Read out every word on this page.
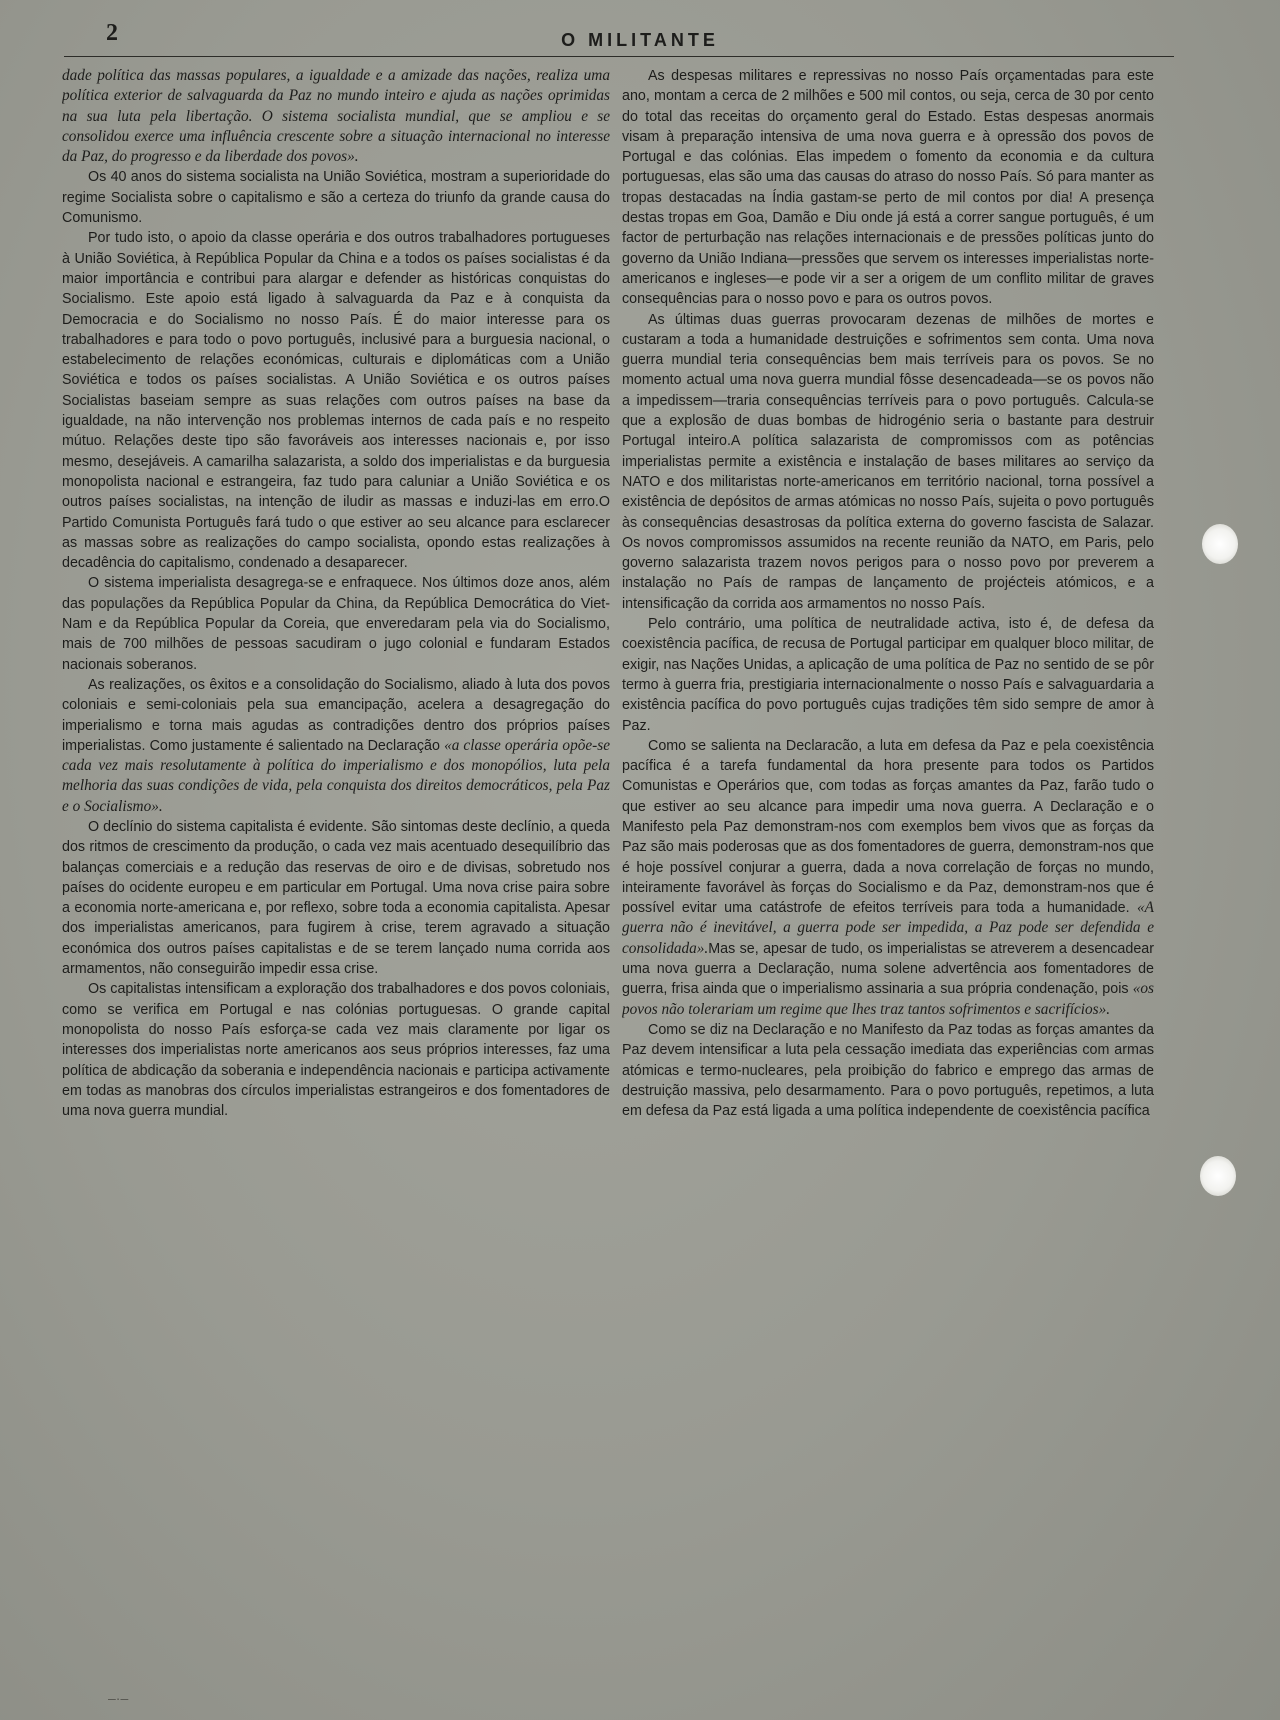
2	O MILITANTE

dade política das massas populares, a igualdade e a amizade das nações, realiza uma política exterior de salvaguarda da Paz no mundo inteiro e ajuda as nações oprimidas na sua luta pela libertação. O sistema socialista mundial, que se ampliou e se consolidou exerce uma influência crescente sobre a situação internacional no interesse da Paz, do progresso e da liberdade dos povos».

Os 40 anos do sistema socialista na União Soviética, mostram a superioridade do regime Socialista sobre o capitalismo e são a certeza do triunfo da grande causa do Comunismo.

Por tudo isto, o apoio da classe operária e dos outros trabalhadores portugueses à União Soviética, à República Popular da China e a todos os países socialistas é da maior importância e contribui para alargar e defender as históricas conquistas do Socialismo. Este apoio está ligado à salvaguarda da Paz e à conquista da Democracia e do Socialismo no nosso País. É do maior interesse para os trabalhadores e para todo o povo português, inclusivé para a burguesia nacional, o estabelecimento de relações económicas, culturais e diplomáticas com a União Soviética e todos os países socialistas. A União Soviética e os outros países Socialistas baseiam sempre as suas relações com outros países na base da igualdade, na não intervenção nos problemas internos de cada país e no respeito mútuo. Relações deste tipo são favoráveis aos interesses nacionais e, por isso mesmo, desejáveis. A camarilha salazarista, a soldo dos imperialistas e da burguesia monopolista nacional e estrangeira, faz tudo para caluniar a União Soviética e os outros países socialistas, na intenção de iludir as massas e induzi-las em erro.O Partido Comunista Português fará tudo o que estiver ao seu alcance para esclarecer as massas sobre as realizações do campo socialista, opondo estas realizações à decadência do capitalismo, condenado a desaparecer.

O sistema imperialista desagrega-se e enfraquece. Nos últimos doze anos, além das populações da República Popular da China, da República Democrática do Viet-Nam e da República Popular da Coreia, que enveredaram pela via do Socialismo, mais de 700 milhões de pessoas sacudiram o jugo colonial e fundaram Estados nacionais soberanos.

As realizações, os êxitos e a consolidação do Socialismo, aliado à luta dos povos coloniais e semi-coloniais pela sua emancipação, acelera a desagregação do imperialismo e torna mais agudas as contradições dentro dos próprios países imperialistas. Como justamente é salientado na Declaração «a classe operária opõe-se cada vez mais resolutamente à política do imperialismo e dos monopólios, luta pela melhoria das suas condições de vida, pela conquista dos direitos democráticos, pela Paz e o Socialismo».

O declínio do sistema capitalista é evidente. São sintomas deste declínio, a queda dos ritmos de crescimento da produção, o cada vez mais acentuado desequilíbrio das balanças comerciais e a redução das reservas de oiro e de divisas, sobretudo nos países do ocidente europeu e em particular em Portugal. Uma nova crise paira sobre a economia norte-americana e, por reflexo, sobre toda a economia capitalista. Apesar dos imperialistas americanos, para fugirem à crise, terem agravado a situação económica dos outros países capitalistas e de se terem lançado numa corrida aos armamentos, não conseguirão impedir essa crise.

Os capitalistas intensificam a exploração dos trabalhadores e dos povos coloniais, como se verifica em Portugal e nas colónias portuguesas. O grande capital monopolista do nosso País esforça-se cada vez mais claramente por ligar os interesses dos imperialistas norte americanos aos seus próprios interesses, faz uma política de abdicação da soberania e independência nacionais e participa activamente em todas as manobras dos círculos imperialistas estrangeiros e dos fomentadores de uma nova guerra mundial.

As despesas militares e repressivas no nosso País orçamentadas para este ano, montam a cerca de 2 milhões e 500 mil contos, ou seja, cerca de 30 por cento do total das receitas do orçamento geral do Estado. Estas despesas anormais visam à preparação intensiva de uma nova guerra e à opressão dos povos de Portugal e das colónias. Elas impedem o fomento da economia e da cultura portuguesas, elas são uma das causas do atraso do nosso País. Só para manter as tropas destacadas na Índia gastam-se perto de mil contos por dia! A presença destas tropas em Goa, Damão e Diu onde já está a correr sangue português, é um factor de perturbação nas relações internacionais e de pressões políticas junto do governo da União Indiana—pressões que servem os interesses imperialistas norte-americanos e ingleses—e pode vir a ser a origem de um conflito militar de graves consequências para o nosso povo e para os outros povos.

As últimas duas guerras provocaram dezenas de milhões de mortes e custaram a toda a humanidade destruições e sofrimentos sem conta. Uma nova guerra mundial teria consequências bem mais terríveis para os povos. Se no momento actual uma nova guerra mundial fôsse desencadeada—se os povos não a impedissem—traria consequências terríveis para o povo português. Calcula-se que a explosão de duas bombas de hidrogénio seria o bastante para destruir Portugal inteiro.A política salazarista de compromissos com as potências imperialistas permite a existência e instalação de bases militares ao serviço da NATO e dos militaristas norte-americanos em território nacional, torna possível a existência de depósitos de armas atómicas no nosso País, sujeita o povo português às consequências desastrosas da política externa do governo fascista de Salazar. Os novos compromissos assumidos na recente reunião da NATO, em Paris, pelo governo salazarista trazem novos perigos para o nosso povo por preverem a instalação no País de rampas de lançamento de projécteis atómicos, e a intensificação da corrida aos armamentos no nosso País.

Pelo contrário, uma política de neutralidade activa, isto é, de defesa da coexistência pacífica, de recusa de Portugal participar em qualquer bloco militar, de exigir, nas Nações Unidas, a aplicação de uma política de Paz no sentido de se pôr termo à guerra fria, prestigiaria internacionalmente o nosso País e salvaguardaria a existência pacífica do povo português cujas tradições têm sido sempre de amor à Paz.

Como se salienta na Declaracão, a luta em defesa da Paz e pela coexistência pacífica é a tarefa fundamental da hora presente para todos os Partidos Comunistas e Operários que, com todas as forças amantes da Paz, farão tudo o que estiver ao seu alcance para impedir uma nova guerra. A Declaração e o Manifesto pela Paz demonstram-nos com exemplos bem vivos que as forças da Paz são mais poderosas que as dos fomentadores de guerra, demonstram-nos que é hoje possível conjurar a guerra, dada a nova correlação de forças no mundo, inteiramente favorável às forças do Socialismo e da Paz, demonstram-nos que é possível evitar uma catástrofe de efeitos terríveis para toda a humanidade. «A guerra não é inevitável, a guerra pode ser impedida, a Paz pode ser defendida e consolidada».Mas se, apesar de tudo, os imperialistas se atreverem a desencadear uma nova guerra a Declaração, numa solene advertência aos fomentadores de guerra, frisa ainda que o imperialismo assinaria a sua própria condenação, pois «os povos não tolerariam um regime que lhes traz tantos sofrimentos e sacrifícios».

Como se diz na Declaração e no Manifesto da Paz todas as forças amantes da Paz devem intensificar a luta pela cessação imediata das experiências com armas atómicas e termo-nucleares, pela proibição do fabrico e emprego das armas de destruição massiva, pelo desarmamento. Para o povo português, repetimos, a luta em defesa da Paz está ligada a uma política independente de coexistência pacífica

–·–
